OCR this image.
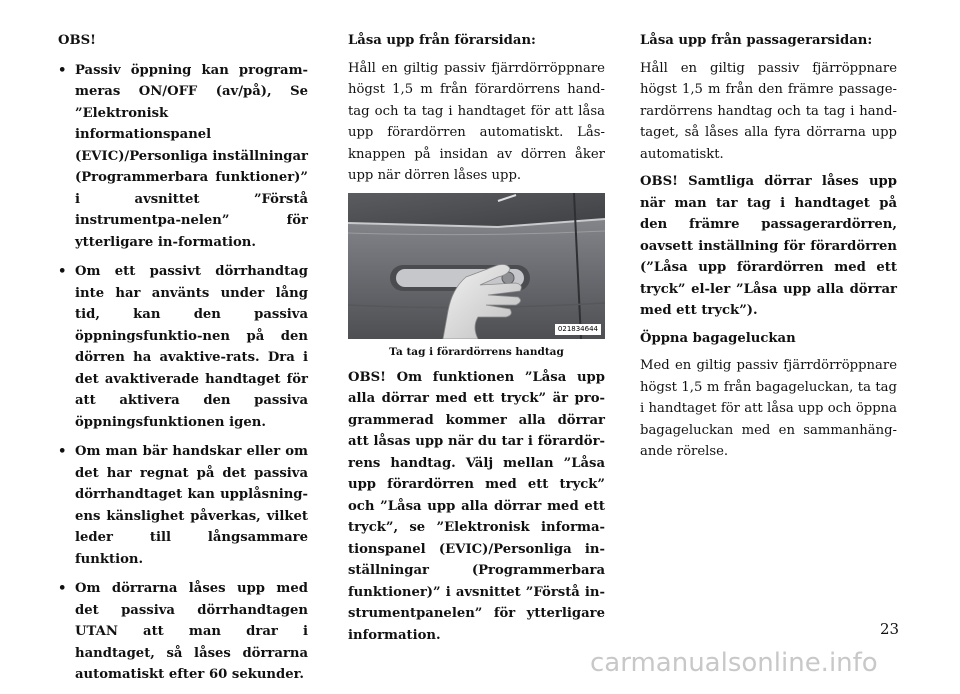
OBS!
• Passiv öppning kan program-meras ON/OFF (av/på), Se ”Elektronisk informationspanel (EVIC)/Personliga inställningar (Programmerbara funktioner)” i avsnittet ”Förstå instrumentpa-nelen” för ytterligare in-formation.
• Om ett passivt dörrhandtag inte har använts under lång tid, kan den passiva öppningsfunktio-nen på den dörren ha avaktive-rats. Dra i det avaktiverade handtaget för att aktivera den passiva öppningsfunktionen igen.
• Om man bär handskar eller om det har regnat på det passiva dörrhandtaget kan upplåsning-ens känslighet påverkas, vilket leder till långsammare funktion.
• Om dörrarna låses upp med det passiva dörrhandtagen UTAN att man drar i handtaget, så låses dörrarna automatiskt efter 60 sekunder.
Låsa upp från förarsidan:

Håll en giltig passiv fjärrdörröppnare högst 1,5 m från förardörrens hand-tag och ta tag i handtaget för att låsa upp förardörren automatiskt. Lås-knappen på insidan av dörren åker upp när dörren låses upp.

021834644
Ta tag i förardörrens handtag

OBS! Om funktionen ”Låsa upp alla dörrar med ett tryck” är pro-grammerad kommer alla dörrar att låsas upp när du tar i förardör-rens handtag. Välj mellan ”Låsa upp förardörren med ett tryck” och ”Låsa upp alla dörrar med ett tryck”, se ”Elektronisk informa-tionspanel (EVIC)/Personliga in-ställningar (Programmerbara funktioner)” i avsnittet ”Förstå in-strumentpanelen” för ytterligare information.

Låsa upp från passagerarsidan:

Håll en giltig passiv fjärröppnare högst 1,5 m från den främre passage-rardörrens handtag och ta tag i hand-taget, så låses alla fyra dörrarna upp automatiskt.

OBS! Samtliga dörrar låses upp när man tar tag i handtaget på den främre passagerardörren, oavsett inställning för förardörren (”Låsa upp förardörren med ett tryck” el-ler ”Låsa upp alla dörrar med ett tryck”).

Öppna bagageluckan

Med en giltig passiv fjärrdörröppnare högst 1,5 m från bagageluckan, ta tag i handtaget för att låsa upp och öppna bagageluckan med en sammanhäng-ande rörelse.

23
carmanualsonline.info
